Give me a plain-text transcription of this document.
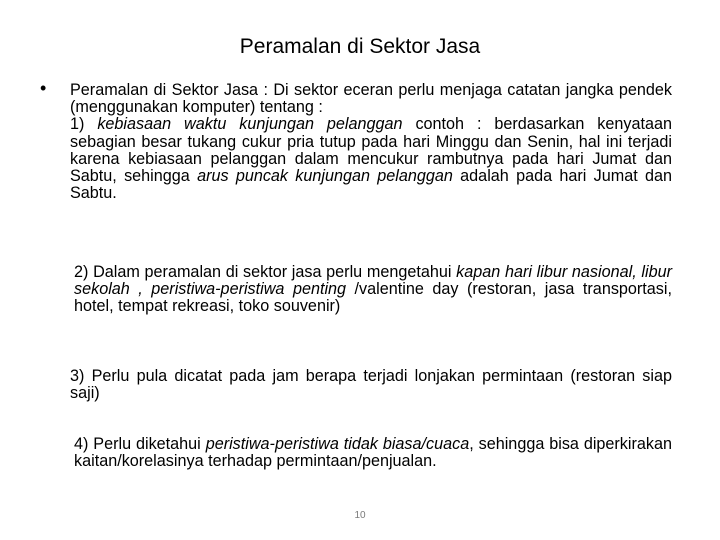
Peramalan di Sektor Jasa
• Peramalan di Sektor Jasa : Di sektor eceran perlu menjaga catatan jangka pendek (menggunakan komputer) tentang :

1) kebiasaan waktu kunjungan pelanggan contoh : berdasarkan kenyataan sebagian besar tukang cukur pria tutup pada hari Minggu dan Senin, hal ini terjadi karena kebiasaan pelanggan dalam mencukur rambutnya pada hari Jumat dan Sabtu, sehingga arus puncak kunjungan pelanggan adalah pada hari Jumat dan Sabtu.

2) Dalam peramalan di sektor jasa perlu mengetahui kapan hari libur nasional, libur sekolah , peristiwa-peristiwa penting /valentine day (restoran, jasa transportasi, hotel, tempat rekreasi, toko souvenir)

3) Perlu pula dicatat pada jam berapa terjadi lonjakan permintaan (restoran siap saji)

4) Perlu diketahui peristiwa-peristiwa tidak biasa/cuaca, sehingga bisa diperkirakan kaitan/korelasinya terhadap permintaan/penjualan.

10
